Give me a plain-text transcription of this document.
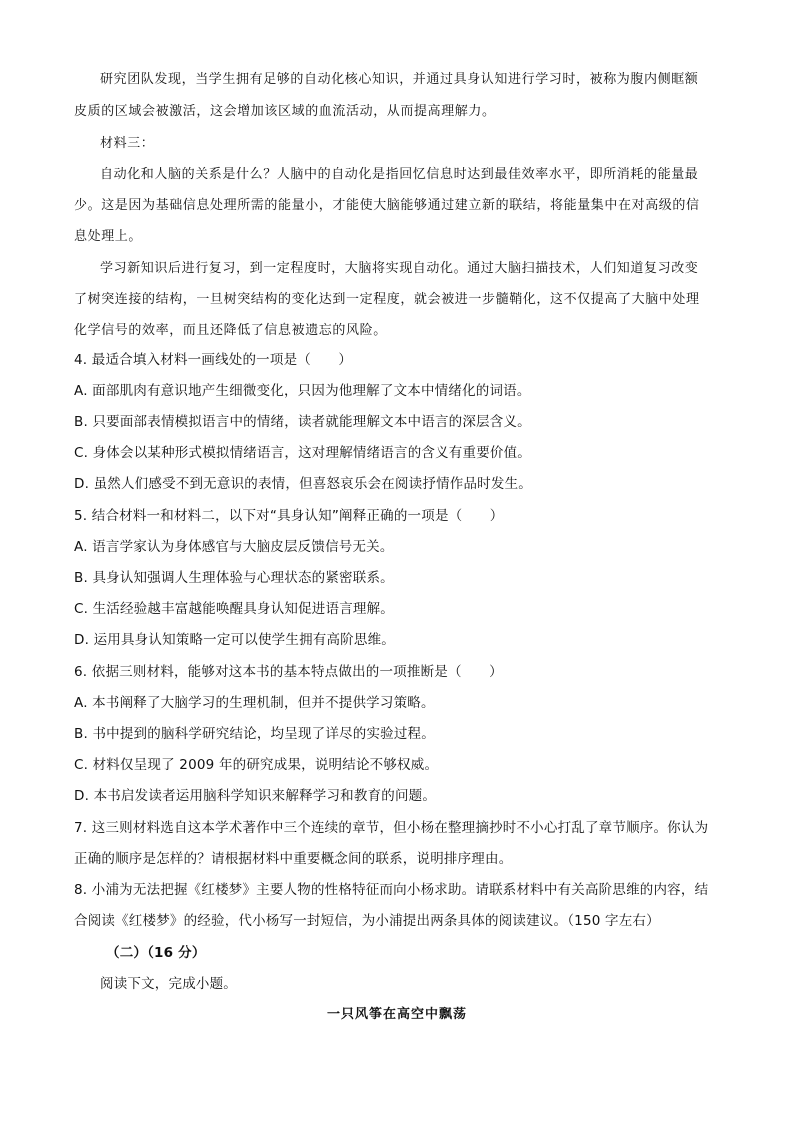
研究团队发现，当学生拥有足够的自动化核心知识，并通过具身认知进行学习时，被称为腹内侧眶额
皮质的区域会被激活，这会增加该区域的血流活动，从而提高理解力。
材料三：
自动化和人脑的关系是什么？人脑中的自动化是指回忆信息时达到最佳效率水平，即所消耗的能量最
少。这是因为基础信息处理所需的能量小，才能使大脑能够通过建立新的联结，将能量集中在对高级的信
息处理上。
学习新知识后进行复习，到一定程度时，大脑将实现自动化。通过大脑扫描技术，人们知道复习改变
了树突连接的结构，一旦树突结构的变化达到一定程度，就会被进一步髓鞘化，这不仅提高了大脑中处理
化学信号的效率，而且还降低了信息被遗忘的风险。
4. 最适合填入材料一画线处的一项是（　　）
A. 面部肌肉有意识地产生细微变化，只因为他理解了文本中情绪化的词语。
B. 只要面部表情模拟语言中的情绪，读者就能理解文本中语言的深层含义。
C. 身体会以某种形式模拟情绪语言，这对理解情绪语言的含义有重要价值。
D. 虽然人们感受不到无意识的表情，但喜怒哀乐会在阅读抒情作品时发生。
5. 结合材料一和材料二，以下对“具身认知”阐释正确的一项是（　　）
A. 语言学家认为身体感官与大脑皮层反馈信号无关。
B. 具身认知强调人生理体验与心理状态的紧密联系。
C. 生活经验越丰富越能唤醒具身认知促进语言理解。
D. 运用具身认知策略一定可以使学生拥有高阶思维。
6. 依据三则材料，能够对这本书的基本特点做出的一项推断是（　　）
A. 本书阐释了大脑学习的生理机制，但并不提供学习策略。
B. 书中提到的脑科学研究结论，均呈现了详尽的实验过程。
C. 材料仅呈现了 2009 年的研究成果，说明结论不够权威。
D. 本书启发读者运用脑科学知识来解释学习和教育的问题。
7. 这三则材料选自这本学术著作中三个连续的章节，但小杨在整理摘抄时不小心打乱了章节顺序。你认为
正确的顺序是怎样的？请根据材料中重要概念间的联系，说明排序理由。
8. 小浦为无法把握《红楼梦》主要人物的性格特征而向小杨求助。请联系材料中有关高阶思维的内容，结
合阅读《红楼梦》的经验，代小杨写一封短信，为小浦提出两条具体的阅读建议。（150 字左右）
（二）（16 分）
阅读下文，完成小题。
一只风筝在高空中飘荡
